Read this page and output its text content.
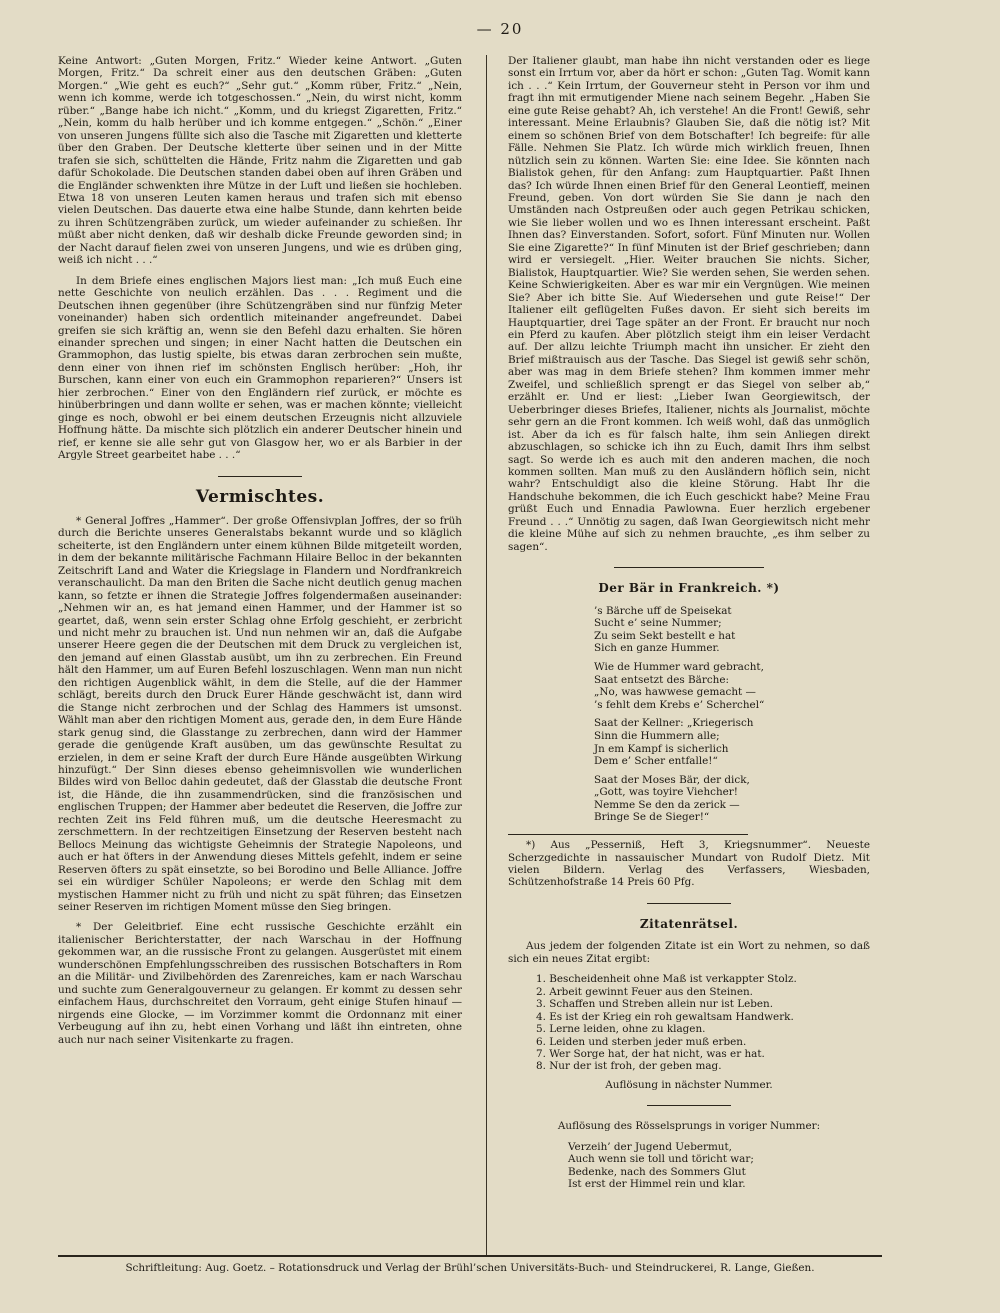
— 20

Keine Antwort: „Guten Morgen, Fritz.“ Wieder keine Antwort. „Guten Morgen, Fritz.“ Da schreit einer aus den deutschen Gräben: „Guten Morgen.“ „Wie geht es euch?“ „Sehr gut.“ „Komm rüber, Fritz.“ „Nein, wenn ich komme, werde ich totgeschossen.“ „Nein, du wirst nicht, komm rüber.“ „Bange habe ich nicht.“ „Komm, und du kriegst Zigaretten, Fritz.“ „Nein, komm du halb herüber und ich komme entgegen.“ „Schön.“ „Einer von unseren Jungens füllte sich also die Tasche mit Zigaretten und kletterte über den Graben. Der Deutsche kletterte über seinen und in der Mitte trafen sie sich, schüttelten die Hände, Fritz nahm die Zigaretten und gab dafür Schokolade. Die Deutschen standen dabei oben auf ihren Gräben und die Engländer schwenkten ihre Mütze in der Luft und ließen sie hochleben. Etwa 18 von unseren Leuten kamen heraus und trafen sich mit ebenso vielen Deutschen. Das dauerte etwa eine halbe Stunde, dann kehrten beide zu ihren Schützengräben zurück, um wieder aufeinander zu schießen. Ihr müßt aber nicht denken, daß wir deshalb dicke Freunde geworden sind; in der Nacht darauf fielen zwei von unseren Jungens, und wie es drüben ging, weiß ich nicht . . .“

In dem Briefe eines englischen Majors liest man: „Ich muß Euch eine nette Geschichte von neulich erzählen. Das . . . Regiment und die Deutschen ihnen gegenüber (ihre Schützengräben sind nur fünfzig Meter voneinander) haben sich ordentlich miteinander angefreundet. Dabei greifen sie sich kräftig an, wenn sie den Befehl dazu erhalten. Sie hören einander sprechen und singen; in einer Nacht hatten die Deutschen ein Grammophon, das lustig spielte, bis etwas daran zerbrochen sein mußte, denn einer von ihnen rief im schönsten Englisch herüber: „Hoh, ihr Burschen, kann einer von euch ein Grammophon reparieren?“ Unsers ist hier zerbrochen.“ Einer von den Engländern rief zurück, er möchte es hinüberbringen und dann wollte er sehen, was er machen könnte; vielleicht ginge es noch, obwohl er bei einem deutschen Erzeugnis nicht allzuviele Hoffnung hätte. Da mischte sich plötzlich ein anderer Deutscher hinein und rief, er kenne sie alle sehr gut von Glasgow her, wo er als Barbier in der Argyle Street gearbeitet habe . . .“

Vermischtes.

* General Joffres „Hammer“. Der große Offensivplan Joffres, der so früh durch die Berichte unseres Generalstabs bekannt wurde und so kläglich scheiterte, ist den Engländern unter einem kühnen Bilde mitgeteilt worden, in dem der bekannte militärische Fachmann Hilaire Belloc in der bekannten Zeitschrift Land and Water die Kriegslage in Flandern und Nordfrankreich veranschaulicht. Da man den Briten die Sache nicht deutlich genug machen kann, so fetzte er ihnen die Strategie Joffres folgendermaßen auseinander: „Nehmen wir an, es hat jemand einen Hammer, und der Hammer ist so geartet, daß, wenn sein erster Schlag ohne Erfolg geschieht, er zerbricht und nicht mehr zu brauchen ist. Und nun nehmen wir an, daß die Aufgabe unserer Heere gegen die der Deutschen mit dem Druck zu vergleichen ist, den jemand auf einen Glasstab ausübt, um ihn zu zerbrechen. Ein Freund hält den Hammer, um auf Euren Befehl loszuschlagen. Wenn man nun nicht den richtigen Augenblick wählt, in dem die Stelle, auf die der Hammer schlägt, bereits durch den Druck Eurer Hände geschwächt ist, dann wird die Stange nicht zerbrochen und der Schlag des Hammers ist umsonst. Wählt man aber den richtigen Moment aus, gerade den, in dem Eure Hände stark genug sind, die Glasstange zu zerbrechen, dann wird der Hammer gerade die genügende Kraft ausüben, um das gewünschte Resultat zu erzielen, in dem er seine Kraft der durch Eure Hände ausgeübten Wirkung hinzufügt.“ Der Sinn dieses ebenso geheimnisvollen wie wunderlichen Bildes wird von Belloc dahin gedeutet, daß der Glasstab die deutsche Front ist, die Hände, die ihn zusammendrücken, sind die französischen und englischen Truppen; der Hammer aber bedeutet die Reserven, die Joffre zur rechten Zeit ins Feld führen muß, um die deutsche Heeresmacht zu zerschmettern. In der rechtzeitigen Einsetzung der Reserven besteht nach Bellocs Meinung das wichtigste Geheimnis der Strategie Napoleons, und auch er hat öfters in der Anwendung dieses Mittels gefehlt, indem er seine Reserven öfters zu spät einsetzte, so bei Borodino und Belle Alliance. Joffre sei ein würdiger Schüler Napoleons; er werde den Schlag mit dem mystischen Hammer nicht zu früh und nicht zu spät führen; das Einsetzen seiner Reserven im richtigen Moment müsse den Sieg bringen.

* Der Geleitbrief. Eine echt russische Geschichte erzählt ein italienischer Berichterstatter, der nach Warschau in der Hoffnung gekommen war, an die russische Front zu gelangen. Ausgerüstet mit einem wunderschönen Empfehlungsschreiben des russischen Botschafters in Rom an die Militär- und Zivilbehörden des Zarenreiches, kam er nach Warschau und suchte zum Generalgouverneur zu gelangen. Er kommt zu dessen sehr einfachem Haus, durchschreitet den Vorraum, geht einige Stufen hinauf — nirgends eine Glocke, — im Vorzimmer kommt die Ordonnanz mit einer Verbeugung auf ihn zu, hebt einen Vorhang und läßt ihn eintreten, ohne auch nur nach seiner Visitenkarte zu fragen.

Der Italiener glaubt, man habe ihn nicht verstanden oder es liege sonst ein Irrtum vor, aber da hört er schon: „Guten Tag. Womit kann ich . . .“ Kein Irrtum, der Gouverneur steht in Person vor ihm und fragt ihn mit ermutigender Miene nach seinem Begehr. „Haben Sie eine gute Reise gehabt? Ah, ich verstehe! An die Front! Gewiß, sehr interessant. Meine Erlaubnis? Glauben Sie, daß die nötig ist? Mit einem so schönen Brief von dem Botschafter! Ich begreife: für alle Fälle. Nehmen Sie Platz. Ich würde mich wirklich freuen, Ihnen nützlich sein zu können. Warten Sie: eine Idee. Sie könnten nach Bialistok gehen, für den Anfang: zum Hauptquartier. Paßt Ihnen das? Ich würde Ihnen einen Brief für den General Leontieff, meinen Freund, geben. Von dort würden Sie Sie dann je nach den Umständen nach Ostpreußen oder auch gegen Petrikau schicken, wie Sie lieber wollen und wo es Ihnen interessant erscheint. Paßt Ihnen das? Einverstanden. Sofort, sofort. Fünf Minuten nur. Wollen Sie eine Zigarette?“ In fünf Minuten ist der Brief geschrieben; dann wird er versiegelt. „Hier. Weiter brauchen Sie nichts. Sicher, Bialistok, Hauptquartier. Wie? Sie werden sehen, Sie werden sehen. Keine Schwierigkeiten. Aber es war mir ein Vergnügen. Wie meinen Sie? Aber ich bitte Sie. Auf Wiedersehen und gute Reise!“ Der Italiener eilt geflügelten Fußes davon. Er sieht sich bereits im Hauptquartier, drei Tage später an der Front. Er braucht nur noch ein Pferd zu kaufen. Aber plötzlich steigt ihm ein leiser Verdacht auf. Der allzu leichte Triumph macht ihn unsicher. Er zieht den Brief mißtrauisch aus der Tasche. Das Siegel ist gewiß sehr schön, aber was mag in dem Briefe stehen? Ihm kommen immer mehr Zweifel, und schließlich sprengt er das Siegel von selber ab,“ erzählt er. Und er liest: „Lieber Iwan Georgiewitsch, der Ueberbringer dieses Briefes, Italiener, nichts als Journalist, möchte sehr gern an die Front kommen. Ich weiß wohl, daß das unmöglich ist. Aber da ich es für falsch halte, ihm sein Anliegen direkt abzuschlagen, so schicke ich ihn zu Euch, damit Ihrs ihm selbst sagt. So werde ich es auch mit den anderen machen, die noch kommen sollten. Man muß zu den Ausländern höflich sein, nicht wahr? Entschuldigt also die kleine Störung. Habt Ihr die Handschuhe bekommen, die ich Euch geschickt habe? Meine Frau grüßt Euch und Ennadia Pawlowna. Euer herzlich ergebener Freund . . .“ Unnötig zu sagen, daß Iwan Georgiewitsch nicht mehr die kleine Mühe auf sich zu nehmen brauchte, „es ihm selber zu sagen“.

Der Bär in Frankreich. *)
’s Bärche uff de Speisekat
Sucht e’ seine Nummer;
Zu seim Sekt bestellt e hat
Sich en ganze Hummer.
Wie de Hummer ward gebracht,
Saat entsetzt des Bärche:
„No, was hawwese gemacht —
’s fehlt dem Krebs e’ Scherchel“
Saat der Kellner: „Kriegerisch
Sinn die Hummern alle;
Jn em Kampf is sicherlich
Dem e’ Scher entfalle!“
Saat der Moses Bär, der dick,
„Gott, was toyire Viehcher!
Nemme Se den da zerick —
Bringe Se de Sieger!“

*) Aus „Pesserniß, Heft 3, Kriegsnummer“. Neueste Scherzgedichte in nassauischer Mundart von Rudolf Dietz. Mit vielen Bildern. Verlag des Verfassers, Wiesbaden, Schützenhofstraße 14 Preis 60 Pfg.

Zitatenrätsel.

Aus jedem der folgenden Zitate ist ein Wort zu nehmen, so daß sich ein neues Zitat ergibt:

1. Bescheidenheit ohne Maß ist verkappter Stolz.
2. Arbeit gewinnt Feuer aus den Steinen.
3. Schaffen und Streben allein nur ist Leben.
4. Es ist der Krieg ein roh gewaltsam Handwerk.
5. Lerne leiden, ohne zu klagen.
6. Leiden und sterben jeder muß erben.
7. Wer Sorge hat, der hat nicht, was er hat.
8. Nur der ist froh, der geben mag.

Auflösung in nächster Nummer.

Auflösung des Rösselsprungs in voriger Nummer:

Verzeih’ der Jugend Uebermut,
Auch wenn sie toll und töricht war;
Bedenke, nach des Sommers Glut
Ist erst der Himmel rein und klar.
Schriftleitung: Aug. Goetz. – Rotationsdruck und Verlag der Brühl’schen Universitäts-Buch- und Steindruckerei, R. Lange, Gießen.
